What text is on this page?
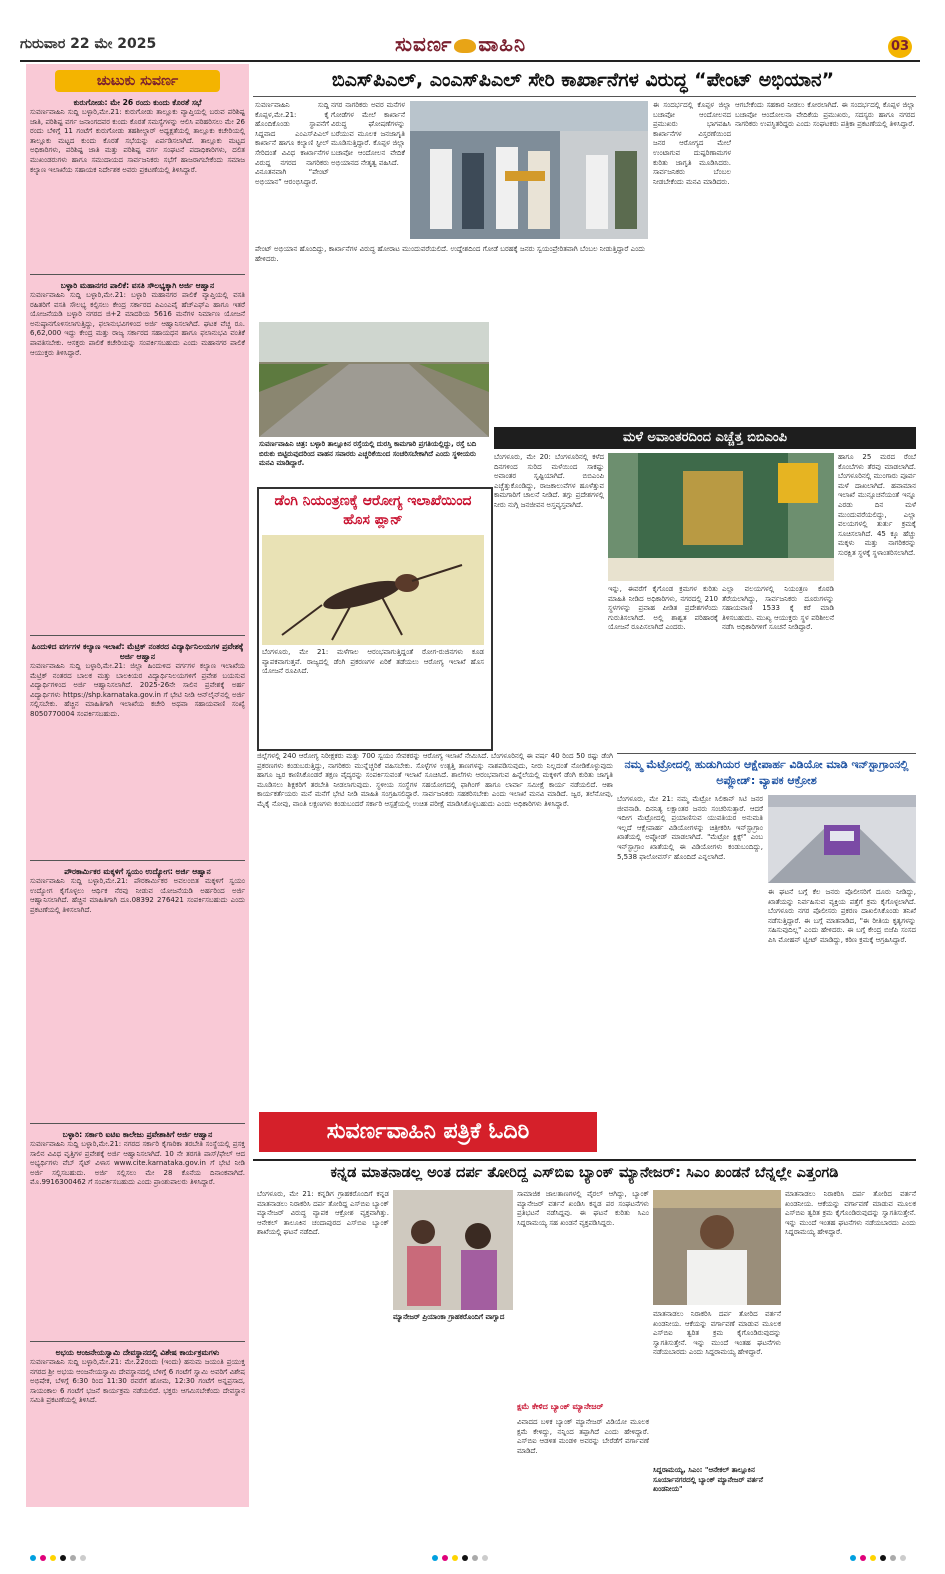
ಗುರುವಾರ 22 ಮೇ 2025	ಸುವರ್ಣ ವಾಹಿನಿ	03
ಚುಟುಕು ಸುವರ್ಣ
ಕುರುಗೋಡು: ಮೇ 26 ರಂದು ಕುಂದು ಕೊರತೆ ಸಭೆ
ಸುವರ್ಣವಾಹಿನಿ ಸುದ್ದಿ ಬಳ್ಳಾರಿ,ಮೇ.21: ಕುರುಗೋಡು ತಾಲ್ಲೂಕು ವ್ಯಾಪ್ತಿಯಲ್ಲಿ ಬರುವ ಪರಿಶಿಷ್ಟ ಜಾತಿ, ಪರಿಶಿಷ್ಟ ವರ್ಗ ಜನಾಂಗದವರ ಕುಂದು ಕೊರತೆ ಸಮಸ್ಯೆಗಳನ್ನು ಆಲಿಸಿ ಪರಿಹರಿಸಲು ಮೇ 26 ರಂದು ಬೆಳಿಗ್ಗೆ 11 ಗಂಟೆಗೆ ಕುರುಗೋಡು ತಹಶೀಲ್ದಾರ್ ಅಧ್ಯಕ್ಷತೆಯಲ್ಲಿ ತಾಲ್ಲೂಕು ಕಚೇರಿಯಲ್ಲಿ ತಾಲ್ಲೂಕು ಮಟ್ಟದ ಕುಂದು ಕೊರತೆ ಸಭೆಯನ್ನು ಏರ್ಪಡಿಸಲಾಗಿದೆ. ತಾಲ್ಲೂಕು ಮಟ್ಟದ ಅಧಿಕಾರಿಗಳು, ಪರಿಶಿಷ್ಟ ಜಾತಿ ಮತ್ತು ಪರಿಶಿಷ್ಟ ವರ್ಗ ಸಂಘಟನೆ ಪದಾಧಿಕಾರಿಗಳು, ದಲಿತ ಮುಖಂಡರುಗಳು ಹಾಗೂ ಸಮುದಾಯದ ಸಾರ್ವಜನಿಕರು ಸಭೆಗೆ ಹಾಜರಾಗಬೇಕೆಂದು ಸಮಾಜ ಕಲ್ಯಾಣ ಇಲಾಖೆಯ ಸಹಾಯಕ ನಿರ್ದೇಶಕ ಅವರು ಪ್ರಕಟಣೆಯಲ್ಲಿ ತಿಳಿಸಿದ್ದಾರೆ.
ಬಳ್ಳಾರಿ ಮಹಾನಗರ ಪಾಲಿಕೆ: ವಸತಿ ಸೌಲಭ್ಯಕ್ಕಾಗಿ ಅರ್ಜಿ ಆಹ್ವಾನ
ಸುವರ್ಣವಾಹಿನಿ ಸುದ್ದಿ ಬಳ್ಳಾರಿ,ಮೇ.21: ಬಳ್ಳಾರಿ ಮಹಾನಗರ ಪಾಲಿಕೆ ವ್ಯಾಪ್ತಿಯಲ್ಲಿ ವಸತಿ ರಹಿತರಿಗೆ ವಸತಿ ಸೌಲಭ್ಯ ಕಲ್ಪಿಸಲು ಕೇಂದ್ರ ಸರ್ಕಾರದ ಪಿಎಂಎವೈ ಹೆಚ್‌ಎಫ್‌ಎ ಹಾಗೂ ಇತರೆ ಯೋಜನೆಯಡಿ ಬಳ್ಳಾರಿ ನಗರದ ಜಿ+2 ಮಾದರಿಯ 5616 ಮನೆಗಳ ನಿರ್ಮಾಣ ಯೋಜನೆ ಅನುಷ್ಠಾನಗೊಳಿಸಲಾಗುತ್ತಿದ್ದು, ಫಲಾನುಭವಿಗಳಿಂದ ಅರ್ಜಿ ಆಹ್ವಾನಿಸಲಾಗಿದೆ. ಘಟಕ ವೆಚ್ಚ ರೂ. 6,62,000 ಇದ್ದು ಕೇಂದ್ರ ಮತ್ತು ರಾಜ್ಯ ಸರ್ಕಾರದ ಸಹಾಯಧನ ಹಾಗೂ ಫಲಾನುಭವಿ ವಂತಿಕೆ ಪಾವತಿಸಬೇಕು. ಆಸಕ್ತರು ಪಾಲಿಕೆ ಕಚೇರಿಯನ್ನು ಸಂಪರ್ಕಿಸಬಹುದು ಎಂದು ಮಹಾನಗರ ಪಾಲಿಕೆ ಆಯುಕ್ತರು ತಿಳಿಸಿದ್ದಾರೆ.
ಹಿಂದುಳಿದ ವರ್ಗಗಳ ಕಲ್ಯಾಣ ಇಲಾಖೆ: ಮೆಟ್ರಿಕ್ ನಂತರದ ವಿದ್ಯಾರ್ಥಿನಿಲಯಗಳ ಪ್ರವೇಶಕ್ಕೆ ಅರ್ಜಿ ಆಹ್ವಾನ
ಸುವರ್ಣವಾಹಿನಿ ಸುದ್ದಿ ಬಳ್ಳಾರಿ,ಮೇ.21: ಜಿಲ್ಲಾ ಹಿಂದುಳಿದ ವರ್ಗಗಳ ಕಲ್ಯಾಣ ಇಲಾಖೆಯ ಮೆಟ್ರಿಕ್ ನಂತರದ ಬಾಲಕ ಮತ್ತು ಬಾಲಕಿಯರ ವಿದ್ಯಾರ್ಥಿನಿಲಯಗಳಿಗೆ ಪ್ರವೇಶ ಬಯಸುವ ವಿದ್ಯಾರ್ಥಿಗಳಿಂದ ಅರ್ಜಿ ಆಹ್ವಾನಿಸಲಾಗಿದೆ. 2025-26ನೇ ಸಾಲಿನ ಪ್ರವೇಶಕ್ಕೆ ಅರ್ಹ ವಿದ್ಯಾರ್ಥಿಗಳು https://shp.karnataka.gov.in ಗೆ ಭೇಟಿ ನೀಡಿ ಆನ್‌ಲೈನ್‌ನಲ್ಲಿ ಅರ್ಜಿ ಸಲ್ಲಿಸಬೇಕು. ಹೆಚ್ಚಿನ ಮಾಹಿತಿಗಾಗಿ ಇಲಾಖೆಯ ಕಚೇರಿ ಅಥವಾ ಸಹಾಯವಾಣಿ ಸಂಖ್ಯೆ 8050770004 ಸಂಪರ್ಕಿಸಬಹುದು.
ಪೌರಕಾರ್ಮಿಕರ ಮಕ್ಕಳಿಗೆ ಸ್ವಯಂ ಉದ್ಯೋಗ: ಅರ್ಜಿ ಆಹ್ವಾನ
ಸುವರ್ಣವಾಹಿನಿ ಸುದ್ದಿ ಬಳ್ಳಾರಿ,ಮೇ.21: ಪೌರಕಾರ್ಮಿಕರ ಅವಲಂಬಿತ ಮಕ್ಕಳಿಗೆ ಸ್ವಯಂ ಉದ್ಯೋಗ ಕೈಗೊಳ್ಳಲು ಆರ್ಥಿಕ ನೆರವು ನೀಡುವ ಯೋಜನೆಯಡಿ ಅರ್ಹರಿಂದ ಅರ್ಜಿ ಆಹ್ವಾನಿಸಲಾಗಿದೆ. ಹೆಚ್ಚಿನ ಮಾಹಿತಿಗಾಗಿ ದೂ.08392 276421 ಸಂಪರ್ಕಿಸಬಹುದು ಎಂದು ಪ್ರಕಟಣೆಯಲ್ಲಿ ತಿಳಿಸಲಾಗಿದೆ.
ಬಳ್ಳಾರಿ: ಸರ್ಕಾರಿ ಐಟಿಐ ಕಾಲೇಜು ಪ್ರವೇಶಾತಿಗೆ ಅರ್ಜಿ ಆಹ್ವಾನ
ಸುವರ್ಣವಾಹಿನಿ ಸುದ್ದಿ ಬಳ್ಳಾರಿ,ಮೇ.21: ನಗರದ ಸರ್ಕಾರಿ ಕೈಗಾರಿಕಾ ತರಬೇತಿ ಸಂಸ್ಥೆಯಲ್ಲಿ ಪ್ರಸಕ್ತ ಸಾಲಿನ ವಿವಿಧ ವೃತ್ತಿಗಳ ಪ್ರವೇಶಕ್ಕೆ ಅರ್ಜಿ ಆಹ್ವಾನಿಸಲಾಗಿದೆ. 10 ನೇ ತರಗತಿ ಪಾಸ್/ಫೇಲ್ ಆದ ಅಭ್ಯರ್ಥಿಗಳು ವೆಬ್ ಸೈಟ್ ವಿಳಾಸ www.cite.karnataka.gov.in ಗೆ ಭೇಟಿ ನೀಡಿ ಅರ್ಜಿ ಸಲ್ಲಿಸಬಹುದು. ಅರ್ಜಿ ಸಲ್ಲಿಸಲು ಮೇ 28 ಕೊನೆಯ ದಿನಾಂಕವಾಗಿದೆ. ಮೊ.9916300462 ಗೆ ಸಂಪರ್ಕಿಸಬಹುದು ಎಂದು ಪ್ರಾಂಶುಪಾಲರು ತಿಳಿಸಿದ್ದಾರೆ.
ಅಭಯ ಆಂಜನೇಯಸ್ವಾಮಿ ದೇವಸ್ಥಾನದಲ್ಲಿ ವಿಶೇಷ ಕಾರ್ಯಕ್ರಮಗಳು
ಸುವರ್ಣವಾಹಿನಿ ಸುದ್ದಿ ಬಳ್ಳಾರಿ,ಮೇ.21: ಮೇ.22ರಂದು (ಇಂದು) ಹನುಮ ಜಯಂತಿ ಪ್ರಯುಕ್ತ ನಗರದ ಶ್ರೀ ಅಭಯ ಆಂಜನೇಯಸ್ವಾಮಿ ದೇವಸ್ಥಾನದಲ್ಲಿ ಬೆಳಿಗ್ಗೆ 6 ಗಂಟೆಗೆ ಸ್ವಾಮಿ ಅವರಿಗೆ ವಿಶೇಷ ಅಭಿಷೇಕ, ಬೆಳಿಗ್ಗೆ 6:30 ರಿಂದ 11:30 ರವರೆಗೆ ಹೋಮ, 12:30 ಗಂಟೆಗೆ ಅನ್ನಪ್ರಸಾದ, ಸಾಯಂಕಾಲ 6 ಗಂಟೆಗೆ ಭಜನೆ ಕಾರ್ಯಕ್ರಮ ನಡೆಯಲಿದೆ. ಭಕ್ತರು ಆಗಮಿಸಬೇಕೆಂದು ದೇವಸ್ಥಾನ ಸಮಿತಿ ಪ್ರಕಟಣೆಯಲ್ಲಿ ತಿಳಿಸಿದೆ.
ಬಿಎಸ್‌ಪಿಎಲ್, ಎಂಎಸ್‌ಪಿಎಲ್ ಸೇರಿ ಕಾರ್ಖಾನೆಗಳ ವಿರುದ್ಧ “ಪೇಂಟ್ ಅಭಿಯಾನ”
ಸುವರ್ಣವಾಹಿನಿ ಸುದ್ದಿ ಕೊಪ್ಪಳ,ಮೇ.21: ಕೈ ಹೊಂದಿಕೊಂಡು ಸ್ಥಾಪನೆಗೆ ಸಿದ್ದವಾದ ಎಂಎಸ್‌ಪಿಎಲ್ ಕಾರ್ಖಾನೆ ಹಾಗೂ ಕಲ್ಯಾಣಿ ಸ್ಟೀಲ್ ಸೇರಿದಂತೆ ವಿವಿಧ ಕಾರ್ಖಾನೆಗಳ ವಿರುದ್ದ ನಗರದ ನಾಗರಿಕರು ವಿನೂತನವಾಗಿ “ಪೇಂಟ್ ಅಭಿಯಾನ” ಆರಂಭಿಸಿದ್ದಾರೆ.
ನಗರ ನಾಗರಿಕರು ಅವರ ಮನೆಗಳ ಗೋಡೆಗಳ ಮೇಲೆ ಕಾರ್ಖಾನೆ ವಿರುದ್ಧ ಘೋಷಣೆಗಳನ್ನು ಬರೆಯುವ ಮೂಲಕ ಜನಜಾಗೃತಿ ಮೂಡಿಸುತ್ತಿದ್ದಾರೆ. ಕೊಪ್ಪಳ ಜಿಲ್ಲಾ ಬಚಾವೋ ಆಂದೋಲನ ವೇದಿಕೆ ಅಭಿಯಾನದ ನೇತೃತ್ವ ವಹಿಸಿದೆ.
ಈ ಸಂದರ್ಭದಲ್ಲಿ ಕೊಪ್ಪಳ ಜಿಲ್ಲಾ ಬಚಾವೋ ಆಂದೋಲನದ ಪ್ರಮುಖರು ಭಾಗವಹಿಸಿ ಕಾರ್ಖಾನೆಗಳ ವಿಸ್ತರಣೆಯಿಂದ ಜನರ ಆರೋಗ್ಯದ ಮೇಲೆ ಉಂಟಾಗುವ ದುಷ್ಪರಿಣಾಮಗಳ ಕುರಿತು ಜಾಗೃತಿ ಮೂಡಿಸಿದರು. ಸಾರ್ವಜನಿಕರು ಬೆಂಬಲ ನೀಡಬೇಕೆಂದು ಮನವಿ ಮಾಡಿದರು.
ಆಗಬೇಕೆಂದು ಸಹಕಾರ ನೀಡಲು ಕೋರಲಾಗಿದೆ. ಈ ಸಂದರ್ಭದಲ್ಲಿ ಕೊಪ್ಪಳ ಜಿಲ್ಲಾ ಬಚಾವೋ ಆಂದೋಲನಾ ವೇದಿಕೆಯ ಪ್ರಮುಖರು, ಸದಸ್ಯರು ಹಾಗೂ ನಗರದ ನಾಗರಿಕರು ಉಪಸ್ಥಿತರಿದ್ದರು ಎಂದು ಸಂಘಟಕರು ಪತ್ರಿಕಾ ಪ್ರಕಟಣೆಯಲ್ಲಿ ತಿಳಿಸಿದ್ದಾರೆ.
ಪೇಂಟ್ ಅಭಿಯಾನ ಹೊಂದಿದ್ದು, ಕಾರ್ಖಾನೆಗಳ ವಿರುದ್ಧ ಹೋರಾಟ ಮುಂದುವರೆಯಲಿದೆ. ಉದ್ದೇಶದಿಂದ ಗೋಡೆ ಬರಹಕ್ಕೆ ಜನರು ಸ್ವಯಂಪ್ರೇರಿತವಾಗಿ ಬೆಂಬಲ ನೀಡುತ್ತಿದ್ದಾರೆ ಎಂದು ಹೇಳಿದರು.
ಸುವರ್ಣವಾಹಿನಿ ಚಿತ್ರ: ಬಳ್ಳಾರಿ ತಾಲ್ಲೂಕಿನ ರಸ್ತೆಯಲ್ಲಿ ದುರಸ್ತಿ ಕಾಮಗಾರಿ ಪ್ರಗತಿಯಲ್ಲಿದ್ದು, ರಸ್ತೆ ಬದಿ ಬಿರುಕು ಬಿಟ್ಟಿರುವುದರಿಂದ ವಾಹನ ಸವಾರರು ಎಚ್ಚರಿಕೆಯಿಂದ ಸಂಚರಿಸಬೇಕಾಗಿದೆ ಎಂದು ಸ್ಥಳೀಯರು ಮನವಿ ಮಾಡಿದ್ದಾರೆ.
ಡೆಂಗಿ ನಿಯಂತ್ರಣಕ್ಕೆ ಆರೋಗ್ಯ ಇಲಾಖೆಯಿಂದ ಹೊಸ ಪ್ಲಾನ್
ಬೆಂಗಳೂರು, ಮೇ 21: ಮಳೆಗಾಲ ಆರಂಭವಾಗುತ್ತಿದ್ದಂತೆ ರೋಗ-ರುಜಿನಗಳು ಕೂಡ ವ್ಯಾಪಕವಾಗುತ್ತವೆ. ರಾಜ್ಯದಲ್ಲಿ ಡೆಂಗಿ ಪ್ರಕರಣಗಳ ಏರಿಕೆ ತಡೆಯಲು ಆರೋಗ್ಯ ಇಲಾಖೆ ಹೊಸ ಯೋಜನೆ ರೂಪಿಸಿದೆ.
ಜಿಲ್ಲೆಗಳಲ್ಲಿ 240 ಆರೋಗ್ಯ ನಿರೀಕ್ಷಕರು ಮತ್ತು 700 ಸ್ವಯಂ ಸೇವಕರನ್ನು ಆರೋಗ್ಯ ಇಲಾಖೆ ನೇಮಿಸಿದೆ. ಬೆಂಗಳೂರಿನಲ್ಲಿ ಈ ವರ್ಷ 40 ರಿಂದ 50 ರಷ್ಟು ಡೆಂಗಿ ಪ್ರಕರಣಗಳು ಕಂಡುಬರುತ್ತಿದ್ದು, ನಾಗರಿಕರು ಮುನ್ನೆಚ್ಚರಿಕೆ ವಹಿಸಬೇಕು. ಸೊಳ್ಳೆಗಳ ಉತ್ಪತ್ತಿ ತಾಣಗಳನ್ನು ನಾಶಪಡಿಸುವುದು, ನೀರು ನಿಲ್ಲದಂತೆ ನೋಡಿಕೊಳ್ಳುವುದು ಹಾಗೂ ಜ್ವರ ಕಾಣಿಸಿಕೊಂಡರೆ ತಕ್ಷಣ ವೈದ್ಯರನ್ನು ಸಂಪರ್ಕಿಸುವಂತೆ ಇಲಾಖೆ ಸೂಚಿಸಿದೆ. ಶಾಲೆಗಳು ಆರಂಭವಾಗುವ ಹಿನ್ನೆಲೆಯಲ್ಲಿ ಮಕ್ಕಳಿಗೆ ಡೆಂಗಿ ಕುರಿತು ಜಾಗೃತಿ ಮೂಡಿಸಲು ಶಿಕ್ಷಕರಿಗೆ ತರಬೇತಿ ನೀಡಲಾಗುವುದು. ಸ್ಥಳೀಯ ಸಂಸ್ಥೆಗಳ ಸಹಯೋಗದಲ್ಲಿ ಫಾಗಿಂಗ್ ಹಾಗೂ ಲಾರ್ವಾ ಸಮೀಕ್ಷೆ ಕಾರ್ಯ ನಡೆಯಲಿದೆ. ಆಶಾ ಕಾರ್ಯಕರ್ತೆಯರು ಮನೆ ಮನೆಗೆ ಭೇಟಿ ನೀಡಿ ಮಾಹಿತಿ ಸಂಗ್ರಹಿಸಲಿದ್ದಾರೆ. ಸಾರ್ವಜನಿಕರು ಸಹಕರಿಸಬೇಕು ಎಂದು ಇಲಾಖೆ ಮನವಿ ಮಾಡಿದೆ. ಜ್ವರ, ತಲೆನೋವು, ಮೈಕೈ ನೋವು, ವಾಂತಿ ಲಕ್ಷಣಗಳು ಕಂಡುಬಂದರೆ ಸರ್ಕಾರಿ ಆಸ್ಪತ್ರೆಯಲ್ಲಿ ಉಚಿತ ಪರೀಕ್ಷೆ ಮಾಡಿಸಿಕೊಳ್ಳಬಹುದು ಎಂದು ಅಧಿಕಾರಿಗಳು ತಿಳಿಸಿದ್ದಾರೆ.
ಮಳೆ ಅವಾಂತರದಿಂದ ಎಚ್ಚೆತ್ತ ಬಿಬಿಎಂಪಿ
ಬೆಂಗಳೂರು, ಮೇ 20: ಬೆಂಗಳೂರಿನಲ್ಲಿ ಕಳೆದ ದಿನಗಳಿಂದ ಸುರಿದ ಮಳೆಯಿಂದ ಸಾಕಷ್ಟು ಅವಾಂತರ ಸೃಷ್ಟಿಯಾಗಿದೆ. ಬಿಬಿಎಂಪಿ ಎಚ್ಚೆತ್ತುಕೊಂಡಿದ್ದು, ರಾಜಕಾಲುವೆಗಳ ಹೂಳೆತ್ತುವ ಕಾಮಗಾರಿಗೆ ಚಾಲನೆ ನೀಡಿದೆ. ತಗ್ಗು ಪ್ರದೇಶಗಳಲ್ಲಿ ನೀರು ನುಗ್ಗಿ ಜನಜೀವನ ಅಸ್ತವ್ಯಸ್ತವಾಗಿದೆ.
ಇನ್ನು, ಈವರೆಗೆ ಕೈಗೊಂಡ ಕ್ರಮಗಳ ಕುರಿತು ಮಾಹಿತಿ ನೀಡಿದ ಅಧಿಕಾರಿಗಳು, ನಗರದಲ್ಲಿ 210 ಸ್ಥಳಗಳನ್ನು ಪ್ರವಾಹ ಪೀಡಿತ ಪ್ರದೇಶಗಳೆಂದು ಗುರುತಿಸಲಾಗಿದೆ. ಅಲ್ಲಿ ಶಾಶ್ವತ ಪರಿಹಾರಕ್ಕೆ ಯೋಜನೆ ರೂಪಿಸಲಾಗಿದೆ ಎಂದರು.
ಎಲ್ಲಾ ವಲಯಗಳಲ್ಲಿ ನಿಯಂತ್ರಣ ಕೊಠಡಿ ತೆರೆಯಲಾಗಿದ್ದು, ಸಾರ್ವಜನಿಕರು ದೂರುಗಳನ್ನು ಸಹಾಯವಾಣಿ 1533 ಕ್ಕೆ ಕರೆ ಮಾಡಿ ತಿಳಿಸಬಹುದು. ಮುಖ್ಯ ಆಯುಕ್ತರು ಸ್ಥಳ ಪರಿಶೀಲನೆ ನಡೆಸಿ ಅಧಿಕಾರಿಗಳಿಗೆ ಸೂಚನೆ ನೀಡಿದ್ದಾರೆ.
ಹಾಗೂ 25 ಮರದ ರೆಂಬೆ ಕೊಂಬೆಗಳು ತೆರವು ಮಾಡಲಾಗಿದೆ. ಬೆಂಗಳೂರಿನಲ್ಲಿ ಮುಂಗಾರು ಪೂರ್ವ ಮಳೆ ದಾಖಲಾಗಿದೆ. ಹವಾಮಾನ ಇಲಾಖೆ ಮುನ್ಸೂಚನೆಯಂತೆ ಇನ್ನೂ ಎರಡು ದಿನ ಮಳೆ ಮುಂದುವರೆಯಲಿದ್ದು, ಎಲ್ಲಾ ವಲಯಗಳಲ್ಲಿ ತುರ್ತು ಕ್ರಮಕ್ಕೆ ಸೂಚಿಸಲಾಗಿದೆ. 45 ಕ್ಕೂ ಹೆಚ್ಚು ಮಕ್ಕಳು ಮತ್ತು ನಾಗರಿಕರನ್ನು ಸುರಕ್ಷಿತ ಸ್ಥಳಕ್ಕೆ ಸ್ಥಳಾಂತರಿಸಲಾಗಿದೆ.
ನಮ್ಮ ಮೆಟ್ರೋದಲ್ಲಿ ಹುಡುಗಿಯರ ಆಕ್ಷೇಪಾರ್ಹ ವಿಡಿಯೋ ಮಾಡಿ ಇನ್‌ಸ್ಟಾಗ್ರಾಂನಲ್ಲಿ ಅಪ್ಲೋಡ್: ವ್ಯಾಪಕ ಆಕ್ರೋಶ
ಬೆಂಗಳೂರು, ಮೇ 21: ನಮ್ಮ ಮೆಟ್ರೋ ಸಿಲಿಕಾನ್ ಸಿಟಿ ಜನರ ಜೀವನಾಡಿ. ದಿನನಿತ್ಯ ಲಕ್ಷಾಂತರ ಜನರು ಸಂಚರಿಸುತ್ತಾರೆ. ಆದರೆ ಇದೀಗ ಮೆಟ್ರೋದಲ್ಲಿ ಪ್ರಯಾಣಿಸುವ ಯುವತಿಯರ ಅನುಮತಿ ಇಲ್ಲದೆ ಆಕ್ಷೇಪಾರ್ಹ ವಿಡಿಯೋಗಳನ್ನು ಚಿತ್ರೀಕರಿಸಿ ಇನ್‌ಸ್ಟಾಗ್ರಾಂ ಖಾತೆಯಲ್ಲಿ ಅಪ್ಲೋಡ್ ಮಾಡಲಾಗಿದೆ. "ಮೆಟ್ರೋ ಕ್ಲಿಕ್ಸ್" ಎಂಬ ಇನ್‌ಸ್ಟಾಗ್ರಾಂ ಖಾತೆಯಲ್ಲಿ ಈ ವಿಡಿಯೋಗಳು ಕಂಡುಬಂದಿದ್ದು, 5,538 ಫಾಲೋವರ್ಸ್ ಹೊಂದಿದೆ ಎನ್ನಲಾಗಿದೆ.
ಈ ಘಟನೆ ಬಗ್ಗೆ ಕೆಲ ಜನರು ಪೊಲೀಸರಿಗೆ ದೂರು ನೀಡಿದ್ದು, ಖಾತೆಯನ್ನು ನಿರ್ವಹಿಸುವ ವ್ಯಕ್ತಿಯ ಪತ್ತೆಗೆ ಕ್ರಮ ಕೈಗೊಳ್ಳಲಾಗಿದೆ. ಬೆಂಗಳೂರು ನಗರ ಪೊಲೀಸರು ಪ್ರಕರಣ ದಾಖಲಿಸಿಕೊಂಡು ತನಿಖೆ ನಡೆಸುತ್ತಿದ್ದಾರೆ. ಈ ಬಗ್ಗೆ ಮಾತನಾಡಿದ, "ಈ ರೀತಿಯ ಕೃತ್ಯಗಳನ್ನು ಸಹಿಸುವುದಿಲ್ಲ" ಎಂದು ಹೇಳಿದರು. ಈ ಬಗ್ಗೆ ಕೇಂದ್ರ ಬಿಜೆಪಿ ಸಂಸದ ಪಿಸಿ ಮೋಹನ್ ಟ್ವೀಟ್ ಮಾಡಿದ್ದು, ಕಠಿಣ ಕ್ರಮಕ್ಕೆ ಆಗ್ರಹಿಸಿದ್ದಾರೆ.
ಸುವರ್ಣವಾಹಿನಿ ಪತ್ರಿಕೆ ಓದಿರಿ
ಕನ್ನಡ ಮಾತನಾಡಲ್ಲ ಅಂತ ದರ್ಪ ತೋರಿದ್ದ ಎಸ್‌ಬಿಐ ಬ್ಯಾಂಕ್ ಮ್ಯಾನೇಜರ್: ಸಿಎಂ ಖಂಡನೆ ಬೆನ್ನಲ್ಲೇ ಎತ್ತಂಗಡಿ
ಬೆಂಗಳೂರು, ಮೇ 21: ಕನ್ನಡಿಗ ಗ್ರಾಹಕರೊಂದಿಗೆ ಕನ್ನಡ ಮಾತನಾಡಲು ನಿರಾಕರಿಸಿ ದರ್ಪ ತೋರಿದ್ದ ಎಸ್‌ಬಿಐ ಬ್ಯಾಂಕ್ ಮ್ಯಾನೇಜರ್ ವಿರುದ್ಧ ವ್ಯಾಪಕ ಆಕ್ರೋಶ ವ್ಯಕ್ತವಾಗಿತ್ತು. ಆನೇಕಲ್ ತಾಲೂಕಿನ ಚಂದಾಪುರದ ಎಸ್‌ಬಿಐ ಬ್ಯಾಂಕ್ ಶಾಖೆಯಲ್ಲಿ ಘಟನೆ ನಡೆದಿದೆ.
ಮ್ಯಾನೇಜರ್ ಪ್ರಿಯಾಂಕಾ ಗ್ರಾಹಕರೊಂದಿಗೆ ವಾಗ್ವಾದ
ಸಾಮಾಜಿಕ ಜಾಲತಾಣಗಳಲ್ಲಿ ವೈರಲ್ ಆಗಿದ್ದು, ಬ್ಯಾಂಕ್ ಮ್ಯಾನೇಜರ್ ವರ್ತನೆ ಖಂಡಿಸಿ ಕನ್ನಡ ಪರ ಸಂಘಟನೆಗಳು ಪ್ರತಿಭಟನೆ ನಡೆಸಿದ್ದವು. ಈ ಘಟನೆ ಕುರಿತು ಸಿಎಂ ಸಿದ್ದರಾಮಯ್ಯ ಸಹ ಖಂಡನೆ ವ್ಯಕ್ತಪಡಿಸಿದ್ದರು.
ಕ್ಷಮೆ ಕೇಳಿದ ಬ್ಯಾಂಕ್ ಮ್ಯಾನೇಜರ್
ವಿವಾದದ ಬಳಿಕ ಬ್ಯಾಂಕ್ ಮ್ಯಾನೇಜರ್ ವಿಡಿಯೋ ಮೂಲಕ ಕ್ಷಮೆ ಕೇಳಿದ್ದು, ನನ್ನಿಂದ ತಪ್ಪಾಗಿದೆ ಎಂದು ಹೇಳಿದ್ದಾರೆ. ಎಸ್‌ಬಿಐ ಆಡಳಿತ ಮಂಡಳಿ ಅವರನ್ನು ಬೇರೆಡೆಗೆ ವರ್ಗಾವಣೆ ಮಾಡಿದೆ.
ಮಾತನಾಡಲು ನಿರಾಕರಿಸಿ ದರ್ಪ ತೋರಿದ ವರ್ತನೆ ಖಂಡನೀಯ. ಆಕೆಯನ್ನು ವರ್ಗಾವಣೆ ಮಾಡುವ ಮೂಲಕ ಎಸ್‌ಬಿಐ ತ್ವರಿತ ಕ್ರಮ ಕೈಗೊಂಡಿರುವುದನ್ನು ಸ್ವಾಗತಿಸುತ್ತೇನೆ. ಇನ್ನು ಮುಂದೆ ಇಂತಹ ಘಟನೆಗಳು ನಡೆಯಬಾರದು ಎಂದು ಸಿದ್ದರಾಮಯ್ಯ ಹೇಳಿದ್ದಾರೆ.
ಸಿದ್ದರಾಮಯ್ಯ, ಸಿಎಂ: "ಆನೇಕಲ್ ತಾಲ್ಲೂಕಿನ ಸೂರ್ಯಾನಗರದಲ್ಲಿ ಬ್ಯಾಂಕ್ ಮ್ಯಾನೇಜರ್ ವರ್ತನೆ ಖಂಡನೀಯ"
ಮಾತನಾಡಲು ನಿರಾಕರಿಸಿ ದರ್ಪ ತೋರಿದ ವರ್ತನೆ ಖಂಡನೀಯ. ಆಕೆಯನ್ನು ವರ್ಗಾವಣೆ ಮಾಡುವ ಮೂಲಕ ಎಸ್‌ಬಿಐ ತ್ವರಿತ ಕ್ರಮ ಕೈಗೊಂಡಿರುವುದನ್ನು ಸ್ವಾಗತಿಸುತ್ತೇನೆ. ಇನ್ನು ಮುಂದೆ ಇಂತಹ ಘಟನೆಗಳು ನಡೆಯಬಾರದು ಎಂದು ಸಿದ್ದರಾಮಯ್ಯ ಹೇಳಿದ್ದಾರೆ.
